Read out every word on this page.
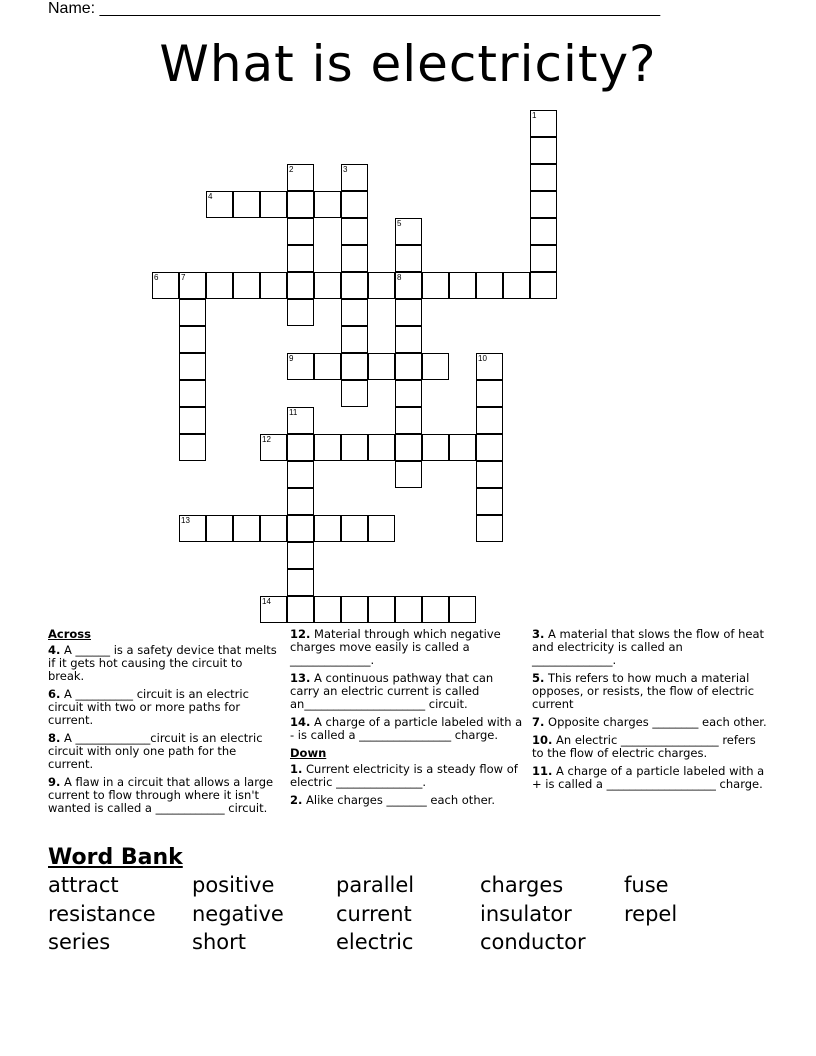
Name: _______________________________________________________________
What is electricity?
1
2	3
4
5
8
6	7
9	10
11
12
13
14
Across
4. A ______ is a safety device that melts if it gets hot causing the circuit to break.
6. A __________ circuit is an electric circuit with two or more paths for current.
8. A _____________circuit is an electric circuit with only one path for the current.
9. A flaw in a circuit that allows a large current to flow through where it isn't wanted is called a ____________ circuit.
12. Material through which negative charges move easily is called a ______________.
13. A continuous pathway that can carry an electric current is called an_____________________ circuit.
14. A charge of a particle labeled with a - is called a ________________ charge.
Down
1. Current electricity is a steady flow of electric _______________.
2. Alike charges _______ each other.
3. A material that slows the flow of heat and electricity is called an ______________.
5. This refers to how much a material opposes, or resists, the flow of electric current
7. Opposite charges ________ each other.
10. An electric _________________ refers to the flow of electric charges.
11. A charge of a particle labeled with a + is called a ___________________ charge.
Word Bank
attract	positive	parallel	charges	fuse
resistance negative current	insulator repel
series	short	electric	conductor
